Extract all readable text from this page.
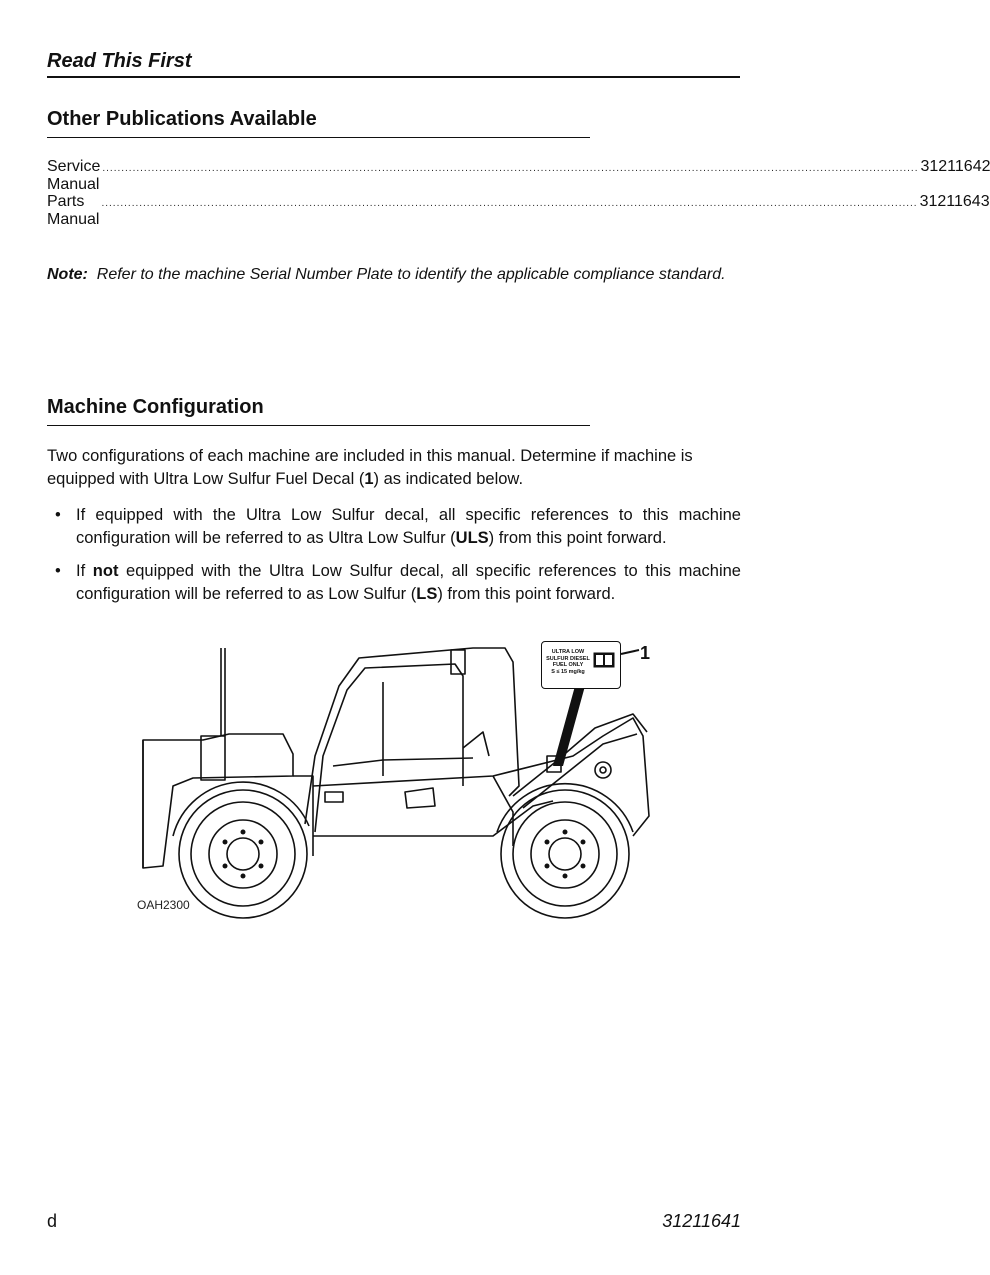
Read This First
Other Publications Available
Service Manual
........................................................................................................................................................................................................................ 31211642
Parts Manual
........................................................................................................................................................................................................................ 31211643
Note: Refer to the machine Serial Number Plate to identify the applicable compliance standard.
Machine Configuration
Two configurations of each machine are included in this manual. Determine if machine is equipped with Ultra Low Sulfur Fuel Decal (1) as indicated below.
• If equipped with the Ultra Low Sulfur decal, all specific references to this machine configuration will be referred to as Ultra Low Sulfur (ULS) from this point forward.
• If not equipped with the Ultra Low Sulfur decal, all specific references to this machine configuration will be referred to as Low Sulfur (LS) from this point forward.
ULTRA LOW
SULFUR DIESEL
FUEL ONLY
S ≤ 15 mg/kg
1
OAH2300
d	31211641
